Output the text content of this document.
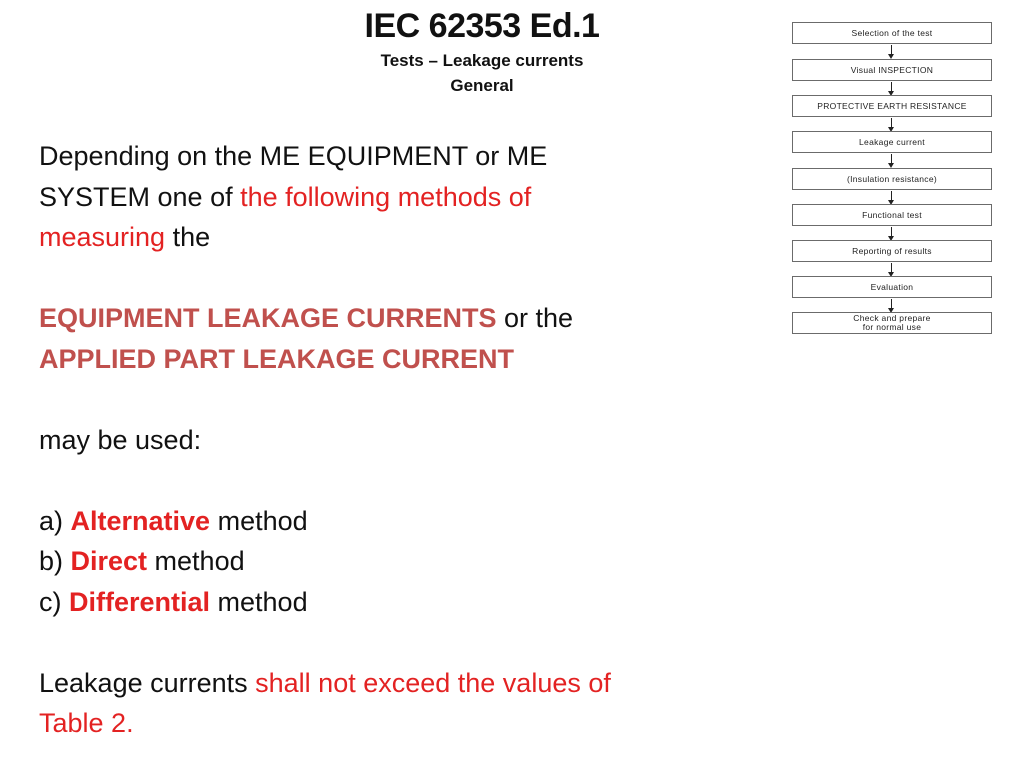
IEC 62353 Ed.1
Tests – Leakage currents
General
Depending on the ME EQUIPMENT or ME
SYSTEM one of the following methods of
measuring the
EQUIPMENT LEAKAGE CURRENTS or the
APPLIED PART LEAKAGE CURRENT
may be used:
a) Alternative method
b) Direct method
c) Differential method
Leakage currents shall not exceed the values of
Table 2.
Selection of the test
Visual INSPECTION
PROTECTIVE EARTH RESISTANCE
Leakage current
(Insulation resistance)
Functional test
Reporting of results
Evaluation
Check and prepare
for normal use
